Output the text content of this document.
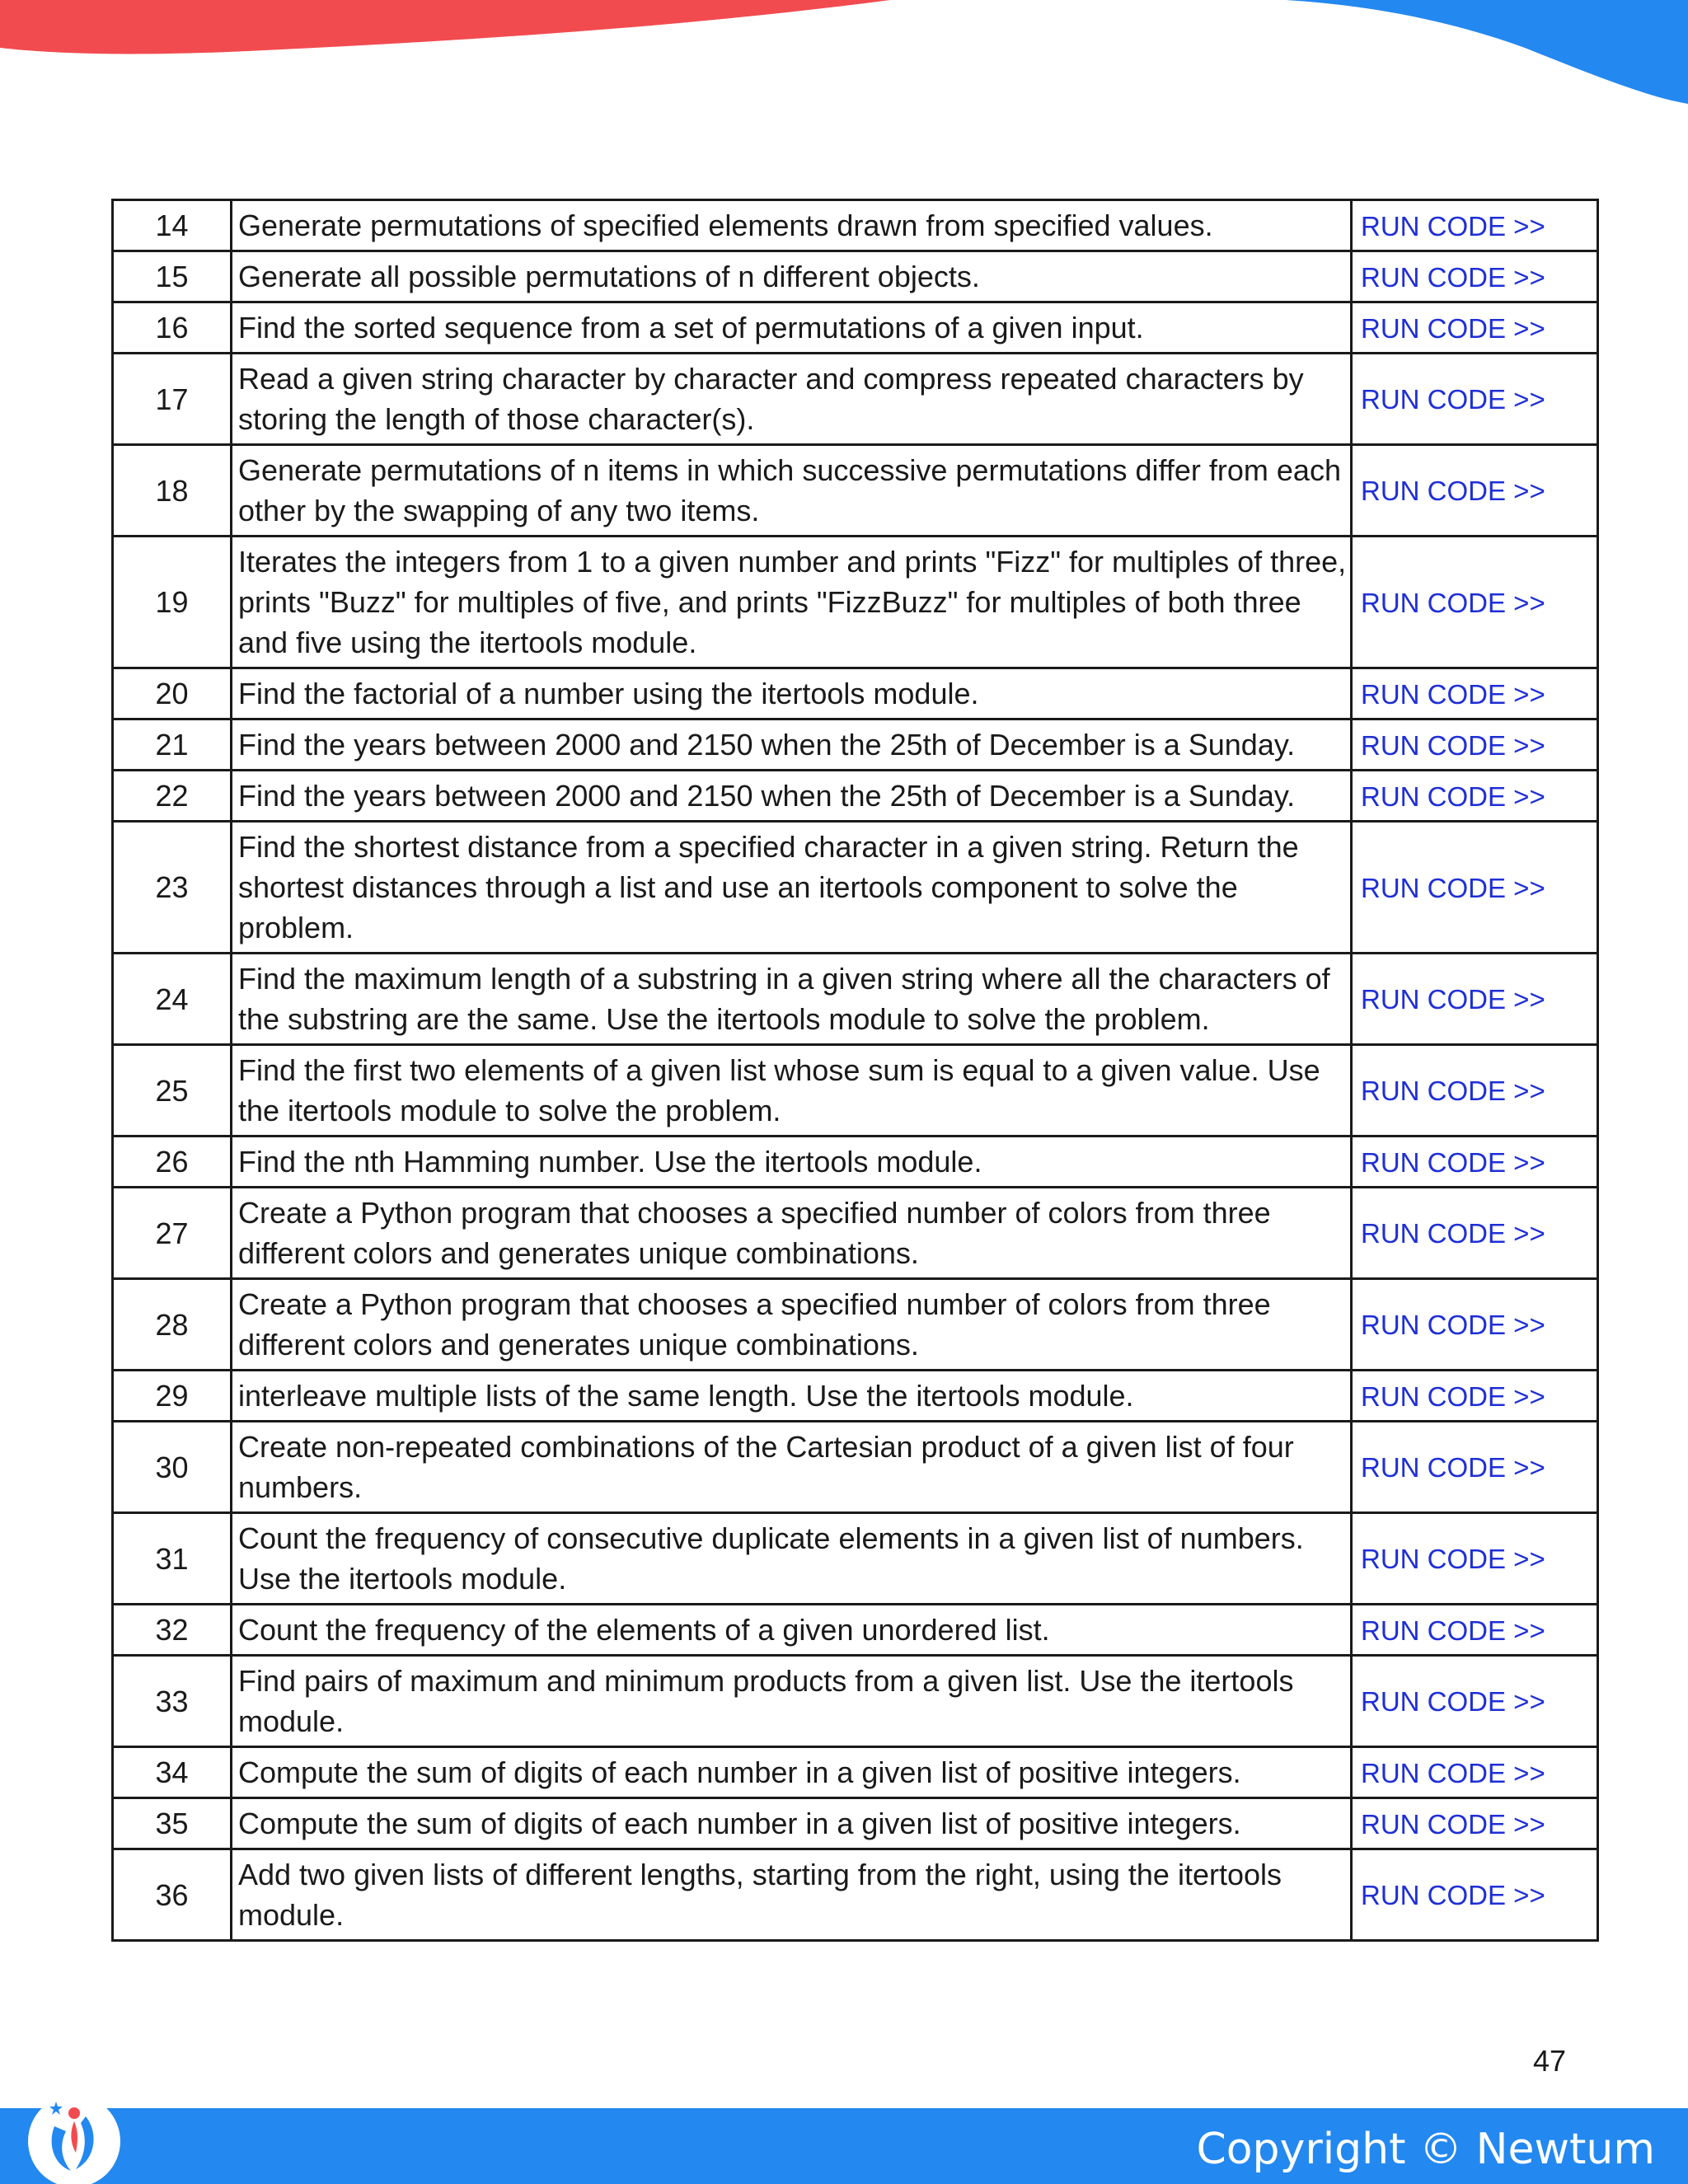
14	Generate permutations of specified elements drawn from specified values.	RUN CODE >>
15	Generate all possible permutations of n different objects.	RUN CODE >>
16	Find the sorted sequence from a set of permutations of a given input.	RUN CODE >>
17	Read a given string character by character and compress repeated characters by storing the length of those character(s).	RUN CODE >>
18	Generate permutations of n items in which successive permutations differ from each other by the swapping of any two items.	RUN CODE >>
19	Iterates the integers from 1 to a given number and prints "Fizz" for multiples of three, prints "Buzz" for multiples of five, and prints "FizzBuzz" for multiples of both three and five using the itertools module.	RUN CODE >>
20	Find the factorial of a number using the itertools module.	RUN CODE >>
21	Find the years between 2000 and 2150 when the 25th of December is a Sunday.	RUN CODE >>
22	Find the years between 2000 and 2150 when the 25th of December is a Sunday.	RUN CODE >>
23	Find the shortest distance from a specified character in a given string. Return the shortest distances through a list and use an itertools component to solve the problem.	RUN CODE >>
24	Find the maximum length of a substring in a given string where all the characters of the substring are the same. Use the itertools module to solve the problem.	RUN CODE >>
25	Find the first two elements of a given list whose sum is equal to a given value. Use the itertools module to solve the problem.	RUN CODE >>
26	Find the nth Hamming number. Use the itertools module.	RUN CODE >>
27	Create a Python program that chooses a specified number of colors from three different colors and generates unique combinations.	RUN CODE >>
28	Create a Python program that chooses a specified number of colors from three different colors and generates unique combinations.	RUN CODE >>
29	interleave multiple lists of the same length. Use the itertools module.	RUN CODE >>
30	Create non-repeated combinations of the Cartesian product of a given list of four numbers.	RUN CODE >>
31	Count the frequency of consecutive duplicate elements in a given list of numbers. Use the itertools module.	RUN CODE >>
32	Count the frequency of the elements of a given unordered list.	RUN CODE >>
33	Find pairs of maximum and minimum products from a given list. Use the itertools module.	RUN CODE >>
34	Compute the sum of digits of each number in a given list of positive integers.	RUN CODE >>
35	Compute the sum of digits of each number in a given list of positive integers.	RUN CODE >>
36	Add two given lists of different lengths, starting from the right, using the itertools module.	RUN CODE >>
47
Copyright © Newtum
